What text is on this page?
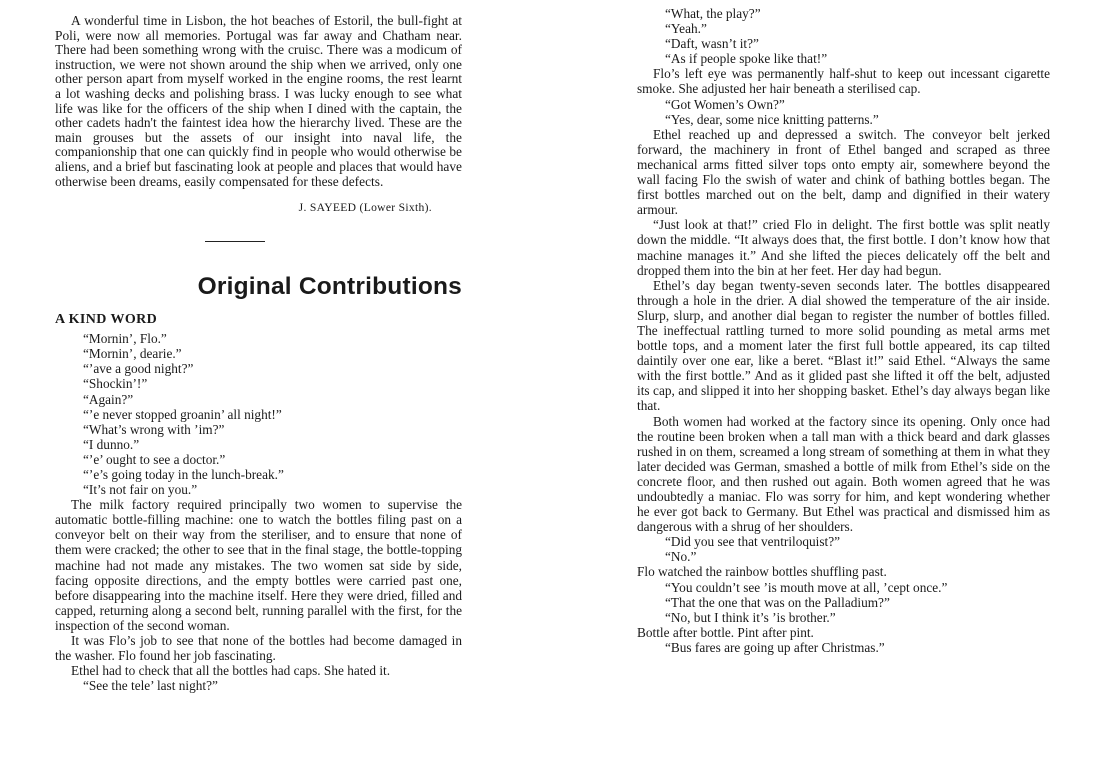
A wonderful time in Lisbon, the hot beaches of Estoril, the bull-fight at Poli, were now all memories. Portugal was far away and Chatham near. There had been something wrong with the cruisc. There was a modicum of instruction, we were not shown around the ship when we arrived, only one other person apart from myself worked in the engine rooms, the rest learnt a lot washing decks and polishing brass. I was lucky enough to see what life was like for the officers of the ship when I dined with the captain, the other cadets hadn't the faintest idea how the hierarchy lived. These are the main grouses but the assets of our insight into naval life, the companionship that one can quickly find in people who would otherwise be aliens, and a brief but fascinating look at people and places that would have otherwise been dreams, easily compensated for these defects.

J. SAYEED (Lower Sixth).
Original Contributions
A KIND WORD

“Mornin’, Flo.”

“Mornin’, dearie.”

“’ave a good night?”

“Shockin’!”

“Again?”

“’e never stopped groanin’ all night!”

“What’s wrong with ’im?”

“I dunno.”

“’e’ ought to see a doctor.”

“’e’s going today in the lunch-break.”

“It’s not fair on you.”

The milk factory required principally two women to supervise the automatic bottle-filling machine: one to watch the bottles filing past on a conveyor belt on their way from the steriliser, and to ensure that none of them were cracked; the other to see that in the final stage, the bottle-topping machine had not made any mistakes. The two women sat side by side, facing opposite directions, and the empty bottles were carried past one, before disappearing into the machine itself. Here they were dried, filled and capped, returning along a second belt, running parallel with the first, for the inspection of the second woman.

It was Flo’s job to see that none of the bottles had become damaged in the washer. Flo found her job fascinating.

Ethel had to check that all the bottles had caps. She hated it.

“See the tele’ last night?”

“What, the play?”

“Yeah.”

“Daft, wasn’t it?”

“As if people spoke like that!”

Flo’s left eye was permanently half-shut to keep out incessant cigarette smoke. She adjusted her hair beneath a sterilised cap.

“Got Women’s Own?”

“Yes, dear, some nice knitting patterns.”

Ethel reached up and depressed a switch. The conveyor belt jerked forward, the machinery in front of Ethel banged and scraped as three mechanical arms fitted silver tops onto empty air, somewhere beyond the wall facing Flo the swish of water and chink of bathing bottles began. The first bottles marched out on the belt, damp and dignified in their watery armour.

“Just look at that!” cried Flo in delight. The first bottle was split neatly down the middle. “It always does that, the first bottle. I don’t know how that machine manages it.” And she lifted the pieces delicately off the belt and dropped them into the bin at her feet. Her day had begun.

Ethel’s day began twenty-seven seconds later. The bottles disappeared through a hole in the drier. A dial showed the temperature of the air inside. Slurp, slurp, and another dial began to register the number of bottles filled. The ineffectual rattling turned to more solid pounding as metal arms met bottle tops, and a moment later the first full bottle appeared, its cap tilted daintily over one ear, like a beret. “Blast it!” said Ethel. “Always the same with the first bottle.” And as it glided past she lifted it off the belt, adjusted its cap, and slipped it into her shopping basket. Ethel’s day always began like that.

Both women had worked at the factory since its opening. Only once had the routine been broken when a tall man with a thick beard and dark glasses rushed in on them, screamed a long stream of something at them in what they later decided was German, smashed a bottle of milk from Ethel’s side on the concrete floor, and then rushed out again. Both women agreed that he was undoubtedly a maniac. Flo was sorry for him, and kept wondering whether he ever got back to Germany. But Ethel was practical and dismissed him as dangerous with a shrug of her shoulders.

“Did you see that ventriloquist?”

“No.”

Flo watched the rainbow bottles shuffling past.

“You couldn’t see ’is mouth move at all, ’cept once.”

“That the one that was on the Palladium?”

“No, but I think it’s ’is brother.”

Bottle after bottle. Pint after pint.

“Bus fares are going up after Christmas.”
